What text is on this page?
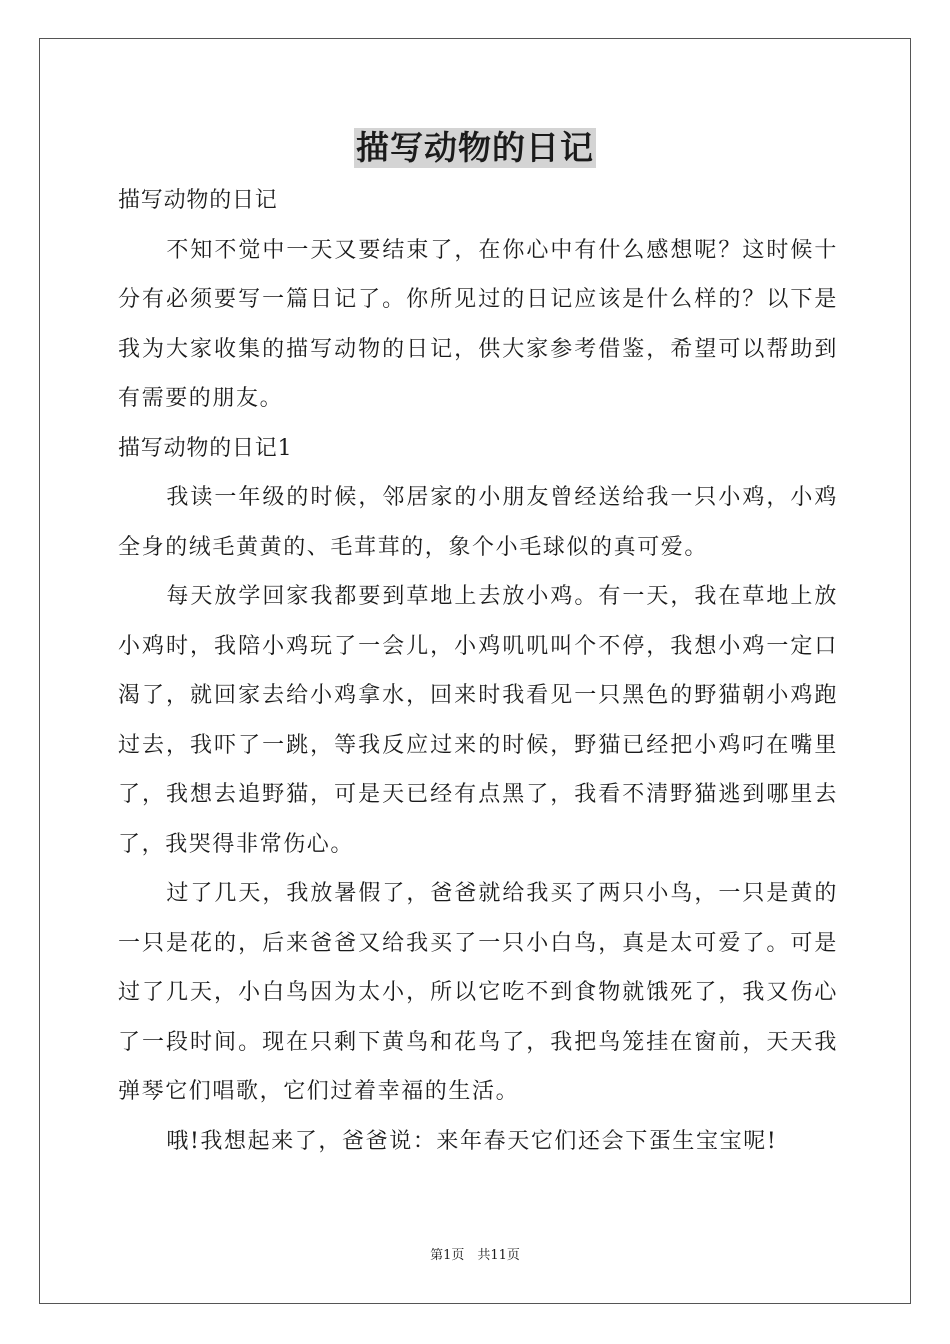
描写动物的日记

描写动物的日记

不知不觉中一天又要结束了，在你心中有什么感想呢？这时候十分有必须要写一篇日记了。你所见过的日记应该是什么样的？以下是我为大家收集的描写动物的日记，供大家参考借鉴，希望可以帮助到有需要的朋友。

描写动物的日记1

我读一年级的时候，邻居家的小朋友曾经送给我一只小鸡，小鸡全身的绒毛黄黄的、毛茸茸的，象个小毛球似的真可爱。

每天放学回家我都要到草地上去放小鸡。有一天，我在草地上放小鸡时，我陪小鸡玩了一会儿，小鸡叽叽叫个不停，我想小鸡一定口渴了，就回家去给小鸡拿水，回来时我看见一只黑色的野猫朝小鸡跑过去，我吓了一跳，等我反应过来的时候，野猫已经把小鸡叼在嘴里了，我想去追野猫，可是天已经有点黑了，我看不清野猫逃到哪里去了，我哭得非常伤心。

过了几天，我放暑假了，爸爸就给我买了两只小鸟，一只是黄的一只是花的，后来爸爸又给我买了一只小白鸟，真是太可爱了。可是过了几天，小白鸟因为太小，所以它吃不到食物就饿死了，我又伤心了一段时间。现在只剩下黄鸟和花鸟了，我把鸟笼挂在窗前，天天我弹琴它们唱歌，它们过着幸福的生活。

哦!我想起来了，爸爸说：来年春天它们还会下蛋生宝宝呢!

第1页　共11页
